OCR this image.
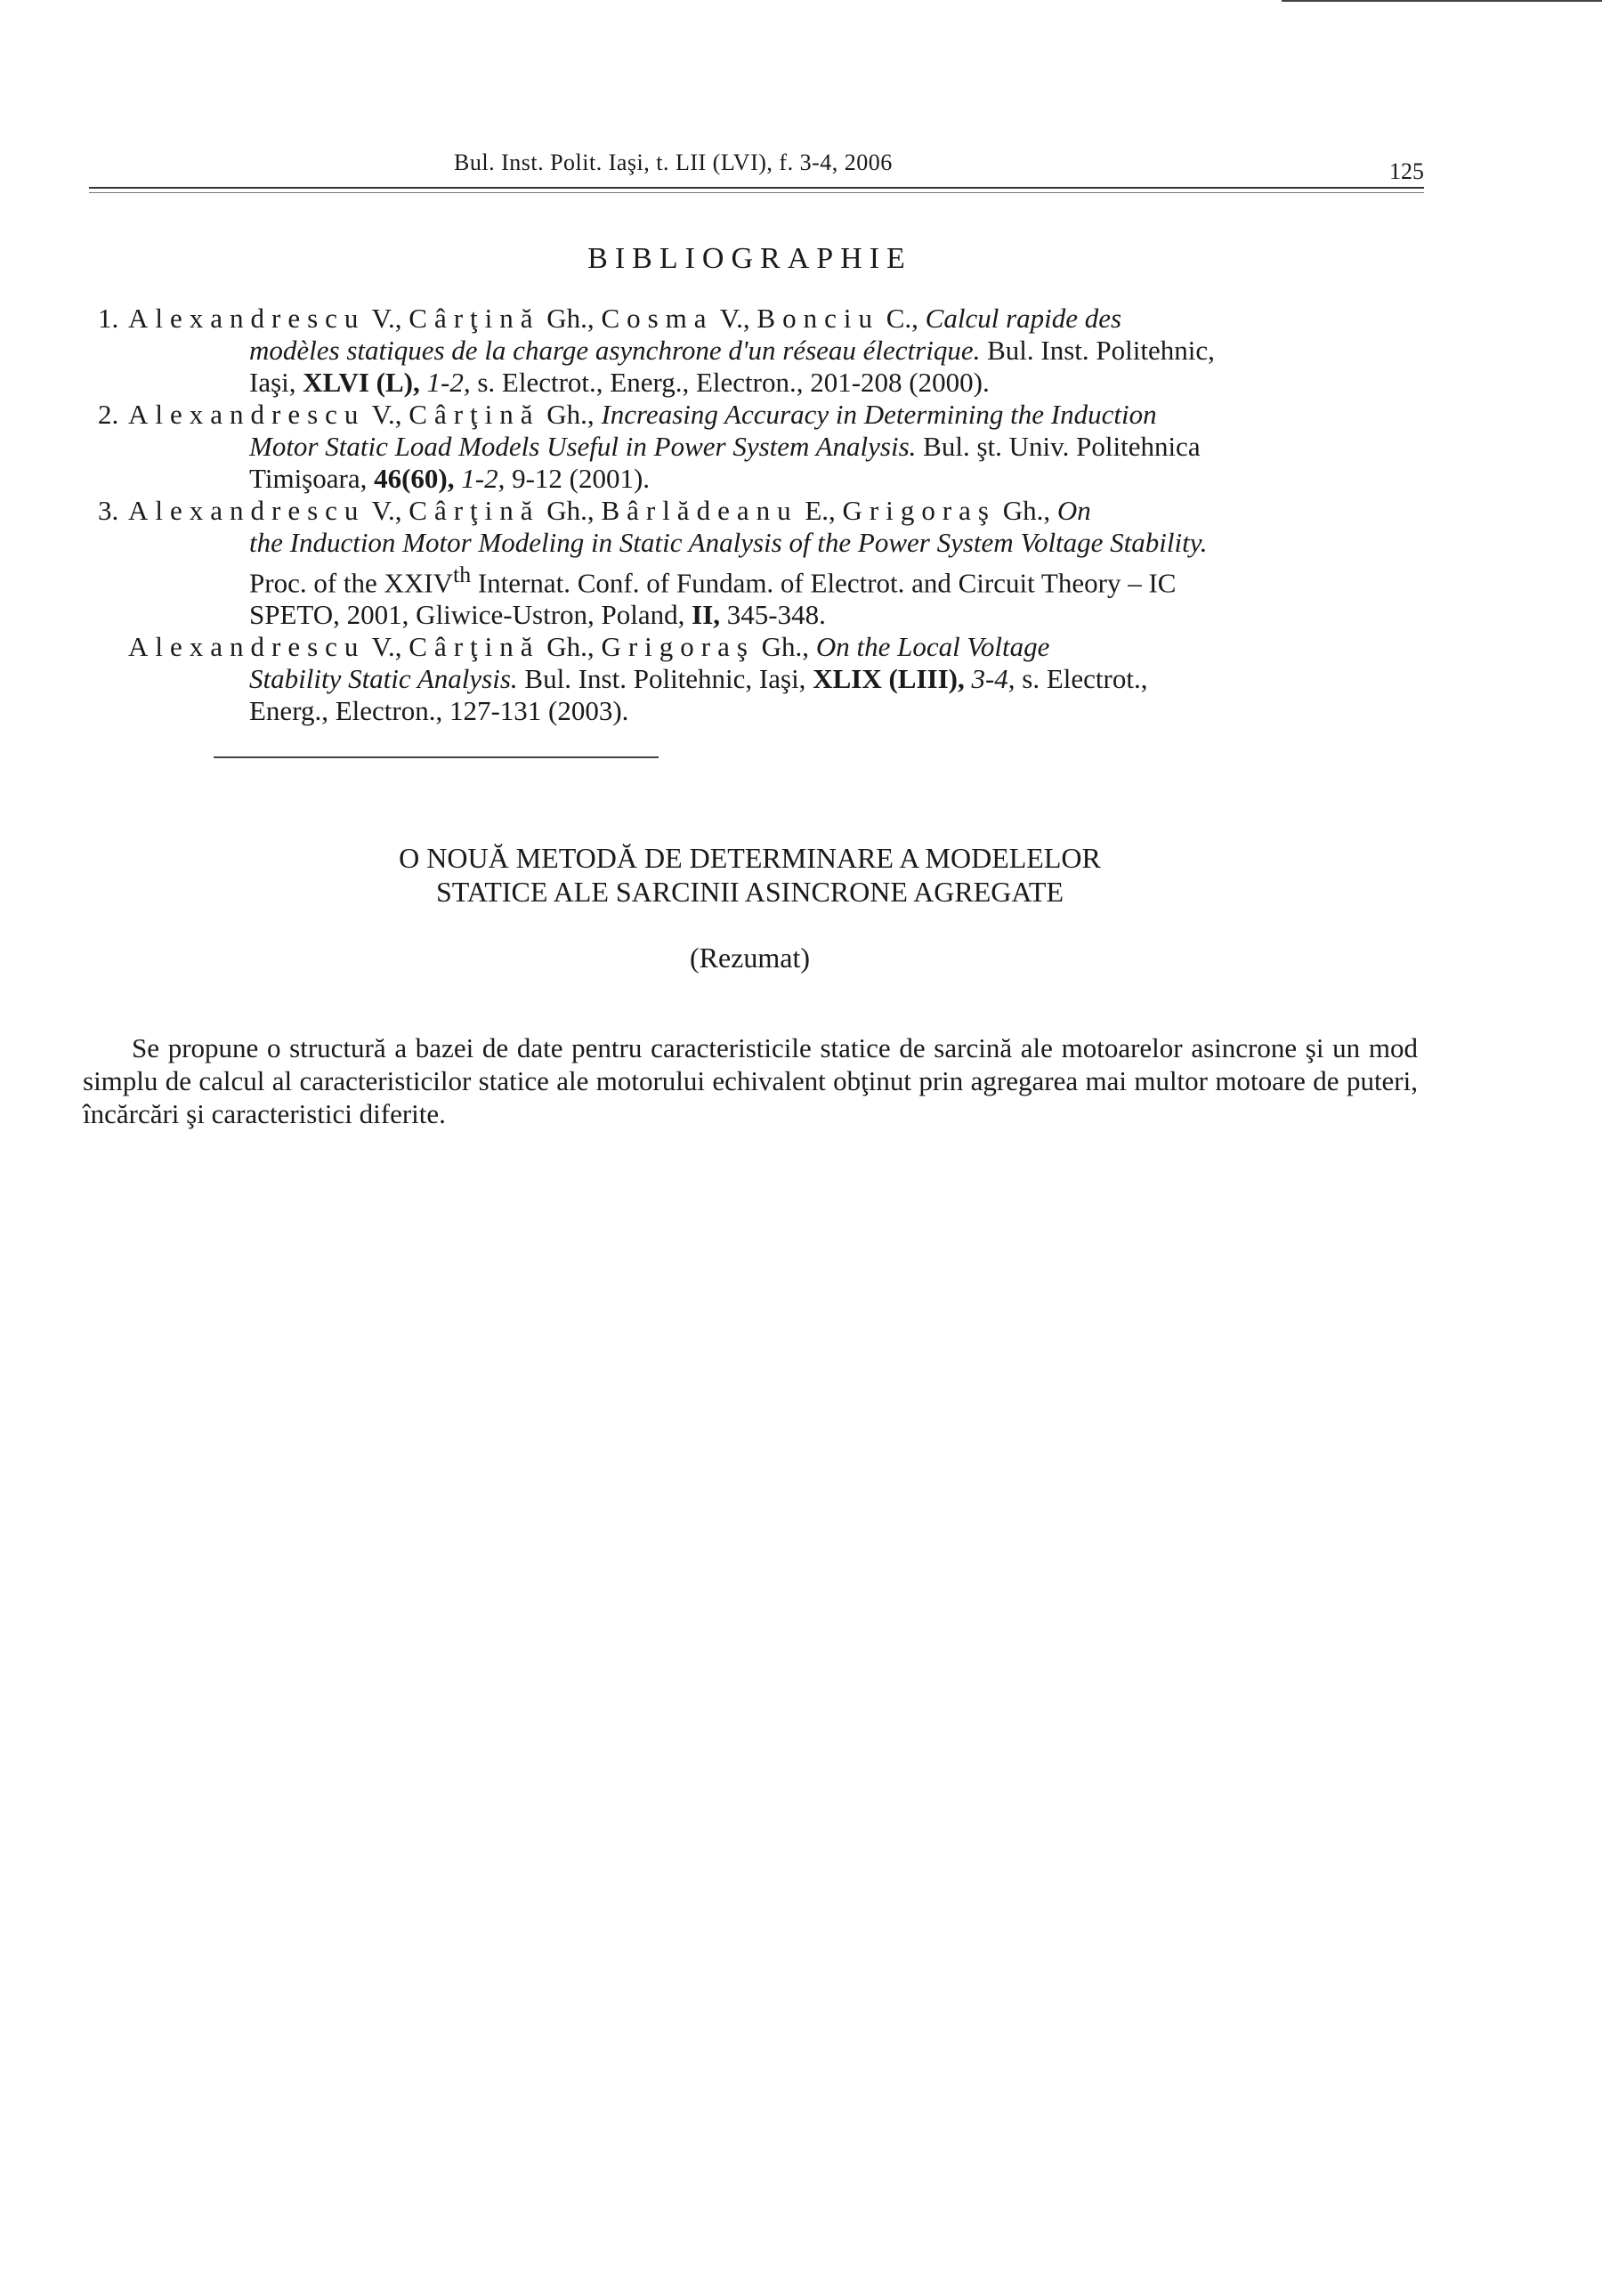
Bul. Inst. Polit. Iaşi, t. LII (LVI), f. 3-4, 2006	125
BIBLIOGRAPHIE
1. Alexandrescu V., Cârţină Gh., Cosma V., Bonciu C., Calcul rapide des
modèles statiques de la charge asynchrone d'un réseau électrique. Bul. Inst. Politehnic,
Iaşi, XLVI (L), 1-2, s. Electrot., Energ., Electron., 201-208 (2000).
2. Alexandrescu V., Cârţină Gh., Increasing Accuracy in Determining the Induction
Motor Static Load Models Useful in Power System Analysis. Bul. şt. Univ. Politehnica
Timişoara, 46(60), 1-2, 9-12 (2001).
3. Alexandrescu V., Cârţină Gh., Bârlădeanu E., Grigoraş Gh., On
the Induction Motor Modeling in Static Analysis of the Power System Voltage Stability.
Proc. of the XXIVth Internat. Conf. of Fundam. of Electrot. and Circuit Theory – IC
SPETO, 2001, Gliwice-Ustron, Poland, II, 345-348.
Alexandrescu V., Cârţină Gh., Grigoraş Gh., On the Local Voltage
Stability Static Analysis. Bul. Inst. Politehnic, Iaşi, XLIX (LIII), 3-4, s. Electrot.,
Energ., Electron., 127-131 (2003).
O NOUĂ METODĂ DE DETERMINARE A MODELELOR
STATICE ALE SARCINII ASINCRONE AGREGATE
(Rezumat)

Se propune o structură a bazei de date pentru caracteristicile statice de sarcină ale motoarelor asincrone şi un mod simplu de calcul al caracteristicilor statice ale motorului echivalent obţinut prin agregarea mai multor motoare de puteri, încărcări şi caracteristici diferite.
